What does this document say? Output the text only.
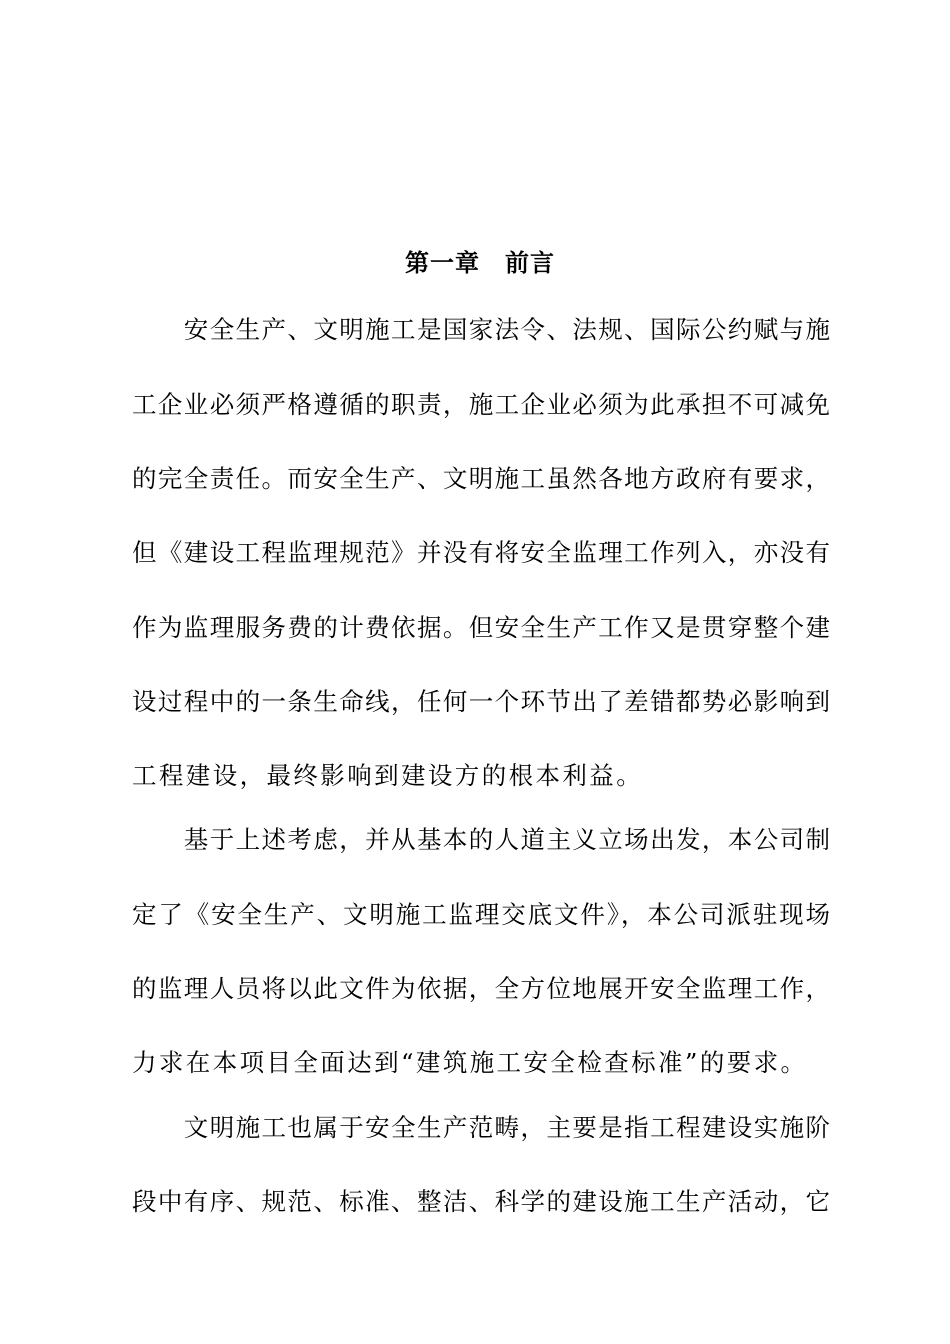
第一章　前言
　　安全生产、文明施工是国家法令、法规、国际公约赋与施
工企业必须严格遵循的职责，施工企业必须为此承担不可减免
的完全责任。而安全生产、文明施工虽然各地方政府有要求，
但《建设工程监理规范》并没有将安全监理工作列入，亦没有
作为监理服务费的计费依据。但安全生产工作又是贯穿整个建
设过程中的一条生命线，任何一个环节出了差错都势必影响到
工程建设，最终影响到建设方的根本利益。
　　基于上述考虑，并从基本的人道主义立场出发，本公司制
定了《安全生产、文明施工监理交底文件》，本公司派驻现场
的监理人员将以此文件为依据，全方位地展开安全监理工作，
力求在本项目全面达到“建筑施工安全检查标准”的要求。
　　文明施工也属于安全生产范畴，主要是指工程建设实施阶
段中有序、规范、标准、整洁、科学的建设施工生产活动，它
